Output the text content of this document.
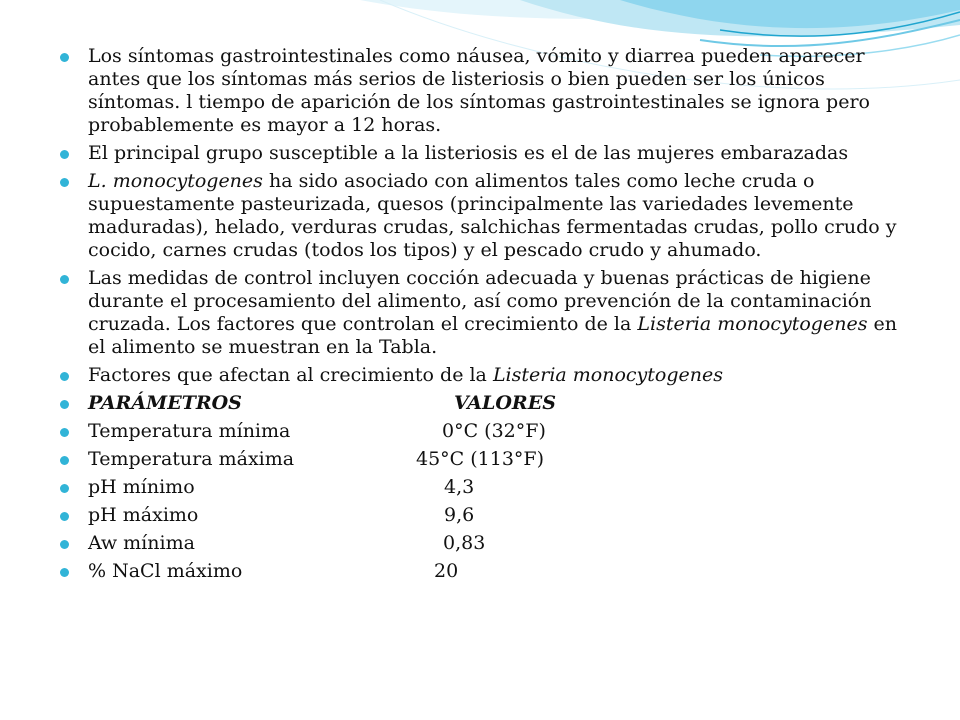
Los síntomas gastrointestinales como náusea, vómito y diarrea pueden aparecer antes que los síntomas más serios de listeriosis o bien pueden ser los únicos síntomas. l tiempo de aparición de los síntomas gastrointestinales se ignora pero probablemente es mayor a 12 horas.
El principal grupo susceptible a la listeriosis es el de las mujeres embarazadas
L. monocytogenes ha sido asociado con alimentos tales como leche cruda o supuestamente pasteurizada, quesos (principalmente las variedades levemente maduradas), helado, verduras crudas, salchichas fermentadas crudas, pollo crudo y cocido, carnes crudas (todos los tipos) y el pescado crudo y ahumado.
Las medidas de control incluyen cocción adecuada y buenas prácticas de higiene durante el procesamiento del alimento, así como prevención de la contaminación cruzada. Los factores que controlan el crecimiento de la Listeria monocytogenes en el alimento se muestran en la Tabla.
Factores que afectan al crecimiento de la Listeria monocytogenes
PARÁMETROS	VALORES
Temperatura mínima	0°C (32°F)
Temperatura máxima	45°C (113°F)
pH mínimo	4,3
pH máximo	9,6
Aw mínima	0,83
% NaCl máximo	20
